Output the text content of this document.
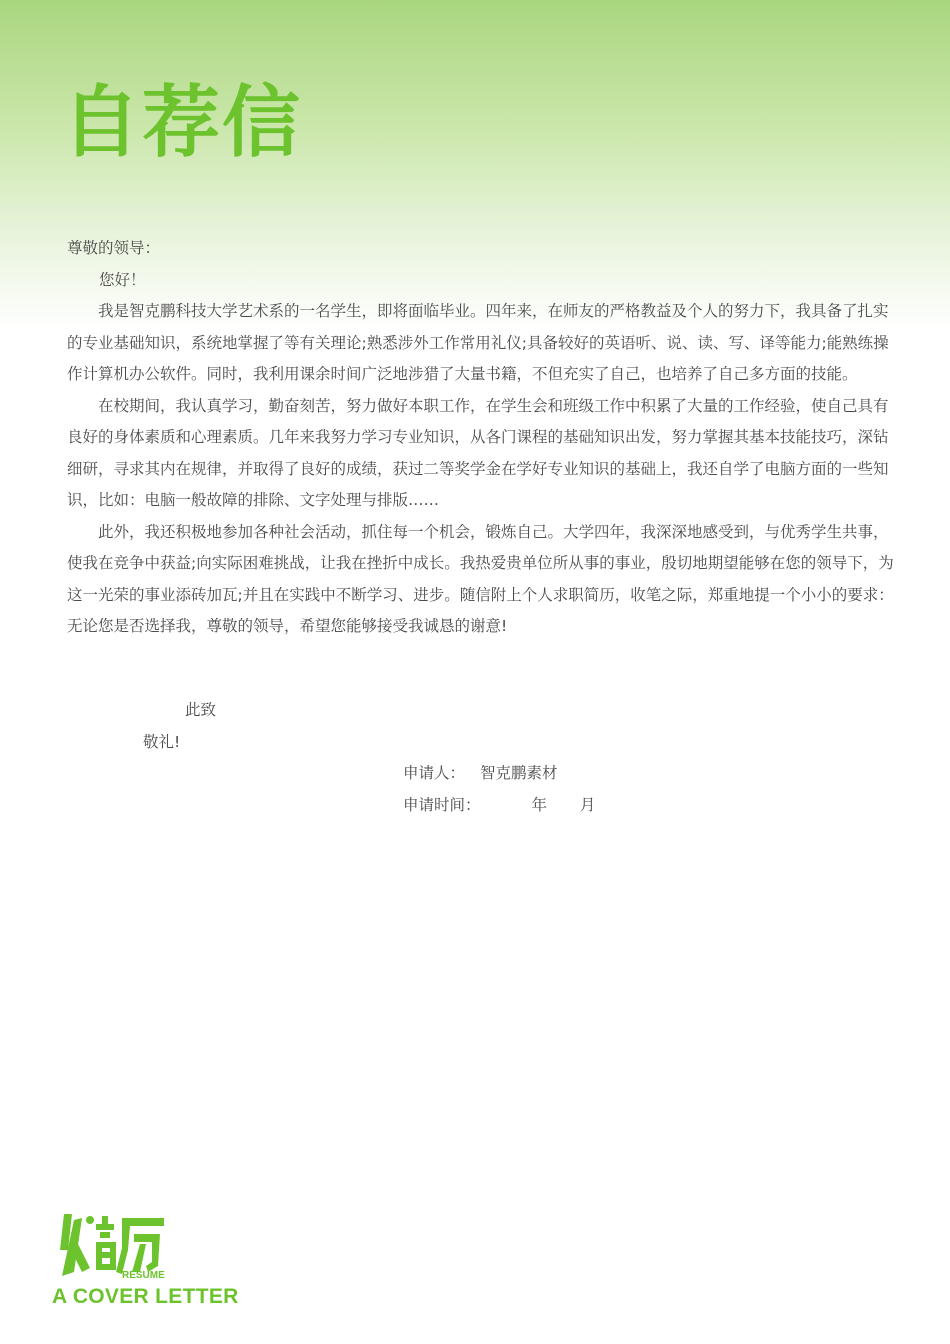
自荐信

尊敬的领导：

您好！

我是智克鹏科技大学艺术系的一名学生，即将面临毕业。四年来，在师友的严格教益及个人的努力下，我具备了扎实的专业基础知识，系统地掌握了等有关理论;熟悉涉外工作常用礼仪;具备较好的英语听、说、读、写、译等能力;能熟练操作计算机办公软件。同时，我利用课余时间广泛地涉猎了大量书籍，不但充实了自己，也培养了自己多方面的技能。

在校期间，我认真学习，勤奋刻苦，努力做好本职工作，在学生会和班级工作中积累了大量的工作经验，使自己具有良好的身体素质和心理素质。几年来我努力学习专业知识，从各门课程的基础知识出发，努力掌握其基本技能技巧，深钻细研，寻求其内在规律，并取得了良好的成绩，获过二等奖学金在学好专业知识的基础上，我还自学了电脑方面的一些知识，比如：电脑一般故障的排除、文字处理与排版……

此外，我还积极地参加各种社会活动，抓住每一个机会，锻炼自己。大学四年，我深深地感受到，与优秀学生共事，使我在竞争中获益;向实际困难挑战，让我在挫折中成长。我热爱贵单位所从事的事业，殷切地期望能够在您的领导下，为这一光荣的事业添砖加瓦;并且在实践中不断学习、进步。随信附上个人求职简历，收笔之际，郑重地提一个小小的要求：无论您是否选择我，尊敬的领导，希望您能够接受我诚恳的谢意!

此致
敬礼!
申请人： 智克鹏素材
申请时间：	年 月
RESUME
A COVER LETTER
